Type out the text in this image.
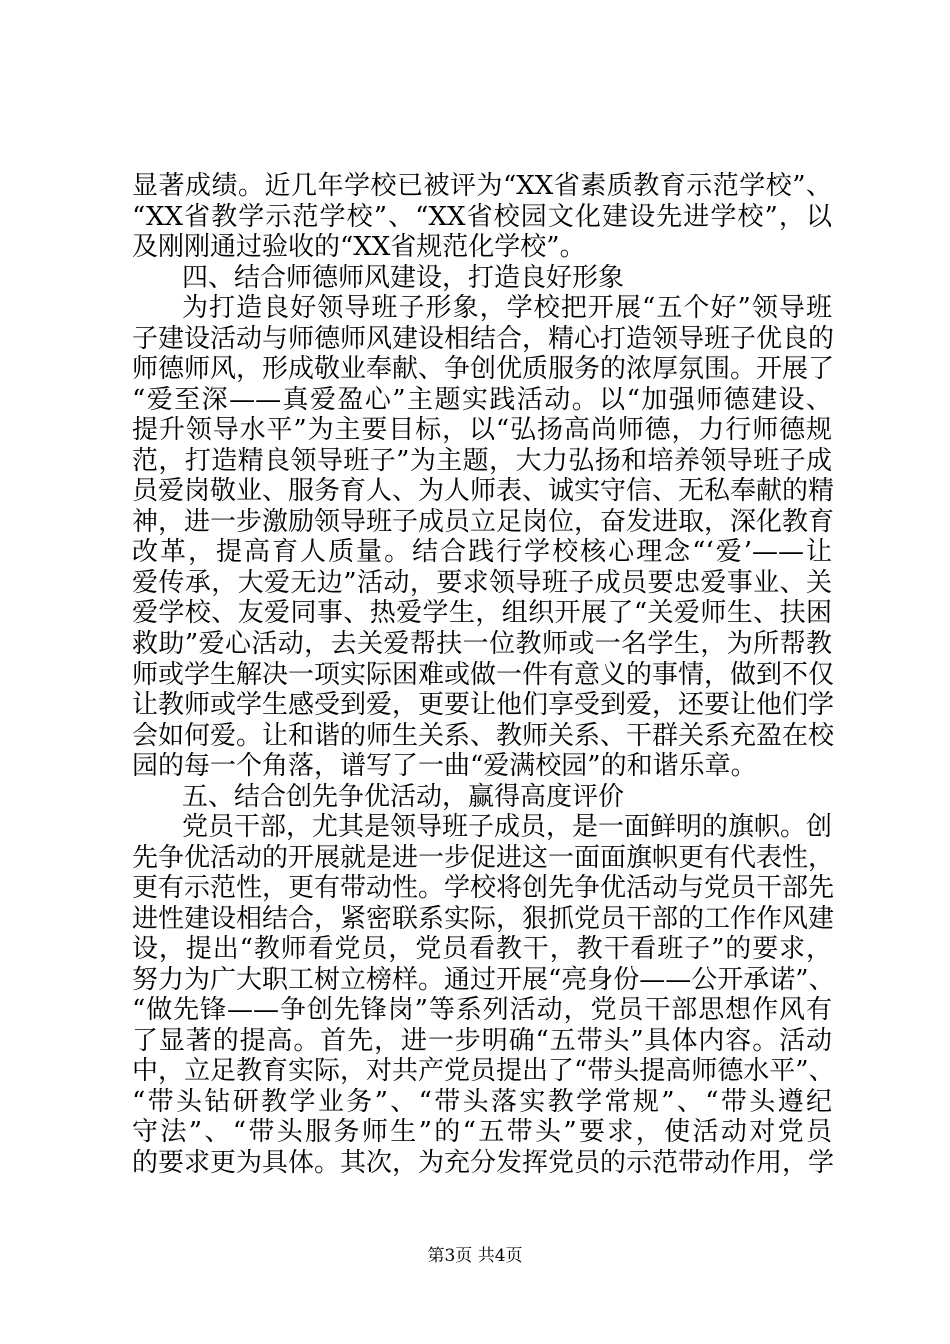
显著成绩。近几年学校已被评为“XX省素质教育示范学校”、
“XX省教学示范学校”、“XX省校园文化建设先进学校”，以
及刚刚通过验收的“XX省规范化学校”。
四、结合师德师风建设，打造良好形象
为打造良好领导班子形象，学校把开展“五个好”领导班
子建设活动与师德师风建设相结合，精心打造领导班子优良的
师德师风，形成敬业奉献、争创优质服务的浓厚氛围。开展了
“爱至深——真爱盈心”主题实践活动。以“加强师德建设、
提升领导水平”为主要目标，以“弘扬高尚师德，力行师德规
范，打造精良领导班子”为主题，大力弘扬和培养领导班子成
员爱岗敬业、服务育人、为人师表、诚实守信、无私奉献的精
神，进一步激励领导班子成员立足岗位，奋发进取，深化教育
改革，提高育人质量。结合践行学校核心理念“‘爱’——让
爱传承，大爱无边”活动，要求领导班子成员要忠爱事业、关
爱学校、友爱同事、热爱学生，组织开展了“关爱师生、扶困
救助”爱心活动，去关爱帮扶一位教师或一名学生，为所帮教
师或学生解决一项实际困难或做一件有意义的事情，做到不仅
让教师或学生感受到爱，更要让他们享受到爱，还要让他们学
会如何爱。让和谐的师生关系、教师关系、干群关系充盈在校
园的每一个角落，谱写了一曲“爱满校园”的和谐乐章。
五、结合创先争优活动，赢得高度评价
党员干部，尤其是领导班子成员，是一面鲜明的旗帜。创
先争优活动的开展就是进一步促进这一面面旗帜更有代表性，
更有示范性，更有带动性。学校将创先争优活动与党员干部先
进性建设相结合，紧密联系实际，狠抓党员干部的工作作风建
设，提出“教师看党员，党员看教干，教干看班子”的要求，
努力为广大职工树立榜样。通过开展“亮身份——公开承诺”、
“做先锋——争创先锋岗”等系列活动，党员干部思想作风有
了显著的提高。首先，进一步明确“五带头”具体内容。活动
中，立足教育实际，对共产党员提出了“带头提高师德水平”、
“带头钻研教学业务”、“带头落实教学常规”、“带头遵纪
守法”、“带头服务师生”的“五带头”要求，使活动对党员
的要求更为具体。其次，为充分发挥党员的示范带动作用，学
第3页 共4页
